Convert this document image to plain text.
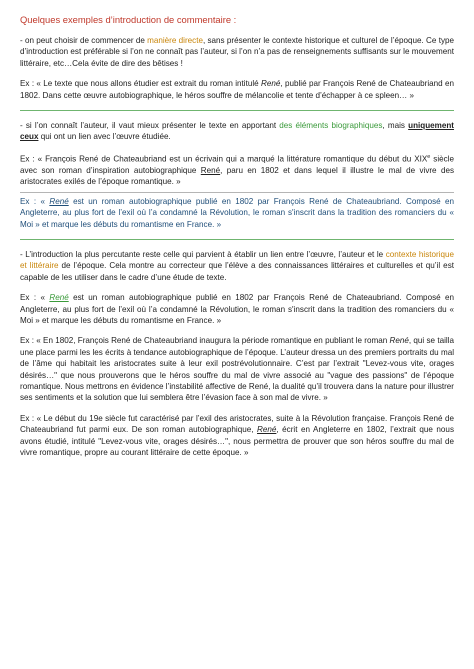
Quelques exemples d’introduction de commentaire :

- on peut choisir de commencer de manière directe, sans présenter le contexte historique et culturel de l’époque. Ce type d’introduction est préférable si l’on ne connaît pas l’auteur, si l’on n’a pas de renseignements suffisants sur le mouvement littéraire, etc…Cela évite de dire des bêtises !

Ex : « Le texte que nous allons étudier est extrait du roman intitulé René, publié par François René de Chateaubriand en 1802. Dans cette œuvre autobiographique, le héros souffre de mélancolie et tente d’échapper à ce spleen… »

- si l’on connaît l’auteur, il vaut mieux présenter le texte en apportant des éléments biographiques, mais uniquement ceux qui ont un lien avec l’œuvre étudiée.

Ex : « François René de Chateaubriand est un écrivain qui a marqué la littérature romantique du début du XIXe siècle avec son roman d’inspiration autobiographique René, paru en 1802 et dans lequel il illustre le mal de vivre des aristocrates exilés de l’époque romantique. »

Ex : « René est un roman autobiographique publié en 1802 par François René de Chateaubriand. Composé en Angleterre, au plus fort de l’exil où l’a condamné la Révolution, le roman s'inscrit dans la tradition des romanciers du « Moi » et marque les débuts du romantisme en France. »

- L’introduction la plus percutante reste celle qui parvient à établir un lien entre l’œuvre, l’auteur et le contexte historique et littéraire de l’époque. Cela montre au correcteur que l’élève a des connaissances littéraires et culturelles et qu’il est capable de les utiliser dans le cadre d’une étude de texte.

Ex : « René est un roman autobiographique publié en 1802 par François René de Chateaubriand. Composé en Angleterre, au plus fort de l’exil où l’a condamné la Révolution, le roman s'inscrit dans la tradition des romanciers du « Moi » et marque les débuts du romantisme en France. »

Ex : « En 1802, François René de Chateaubriand inaugura la période romantique en publiant le roman René, qui se tailla une place parmi les les écrits à tendance autobiographique de l’époque. L’auteur dressa un des premiers portraits du mal de l’âme qui habitait les aristocrates suite à leur exil postrévolutionnaire. C’est par l’extrait "Levez-vous vite, orages désirés…" que nous prouverons que le héros souffre du mal de vivre associé au "vague des passions" de l’époque romantique. Nous mettrons en évidence l’instabilité affective de René, la dualité qu’il trouvera dans la nature pour illustrer ses sentiments et la solution que lui semblera être l’évasion face à son mal de vivre. »

Ex : « Le début du 19e siècle fut caractérisé par l’exil des aristocrates, suite à la Révolution française. François René de Chateaubriand fut parmi eux. De son roman autobiographique, René, écrit en Angleterre en 1802, l’extrait que nous avons étudié, intitulé "Levez-vous vite, orages désirés…", nous permettra de prouver que son héros souffre du mal de vivre romantique, propre au courant littéraire de cette époque. »
